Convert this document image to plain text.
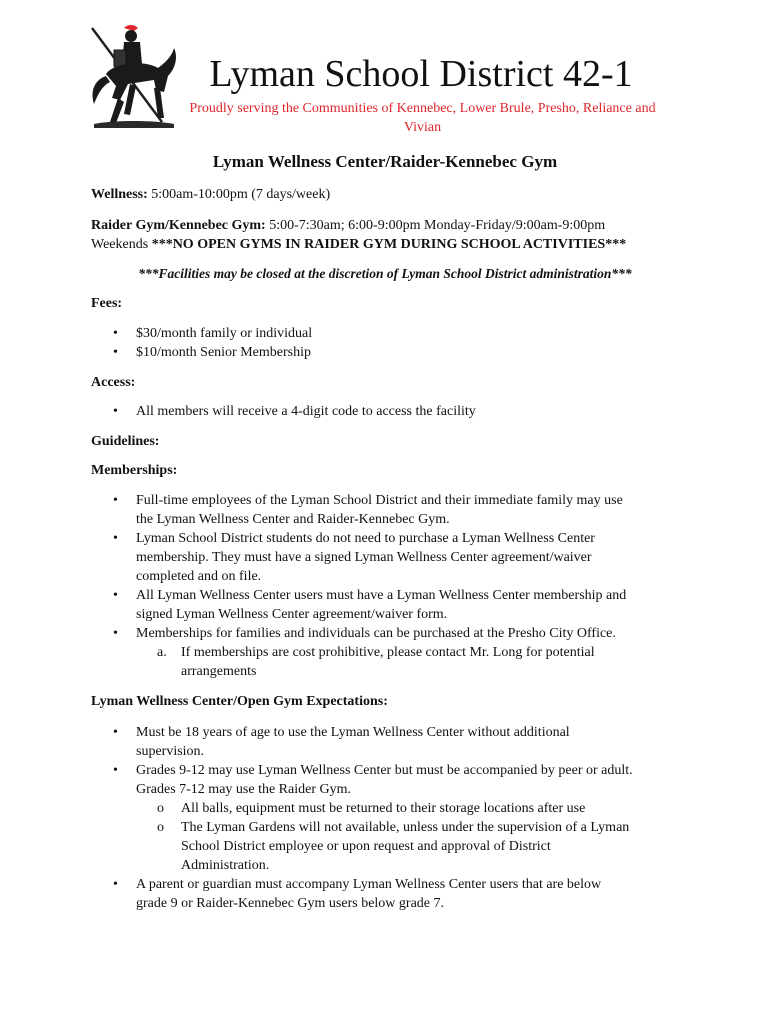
Lyman School District 42-1
Proudly serving the Communities of Kennebec, Lower Brule, Presho, Reliance and
Vivian
Lyman Wellness Center/Raider-Kennebec Gym
Wellness: 5:00am-10:00pm (7 days/week)
Raider Gym/Kennebec Gym: 5:00-7:30am; 6:00-9:00pm Monday-Friday/9:00am-9:00pm
Weekends ***NO OPEN GYMS IN RAIDER GYM DURING SCHOOL ACTIVITIES***
***Facilities may be closed at the discretion of Lyman School District administration***
Fees:
•	$30/month family or individual
•	$10/month Senior Membership
Access:
•	All members will receive a 4-digit code to access the facility
Guidelines:
Memberships:
•	Full-time employees of the Lyman School District and their immediate family may use
the Lyman Wellness Center and Raider-Kennebec Gym.
•	Lyman School District students do not need to purchase a Lyman Wellness Center
membership. They must have a signed Lyman Wellness Center agreement/waiver
completed and on file.
•	All Lyman Wellness Center users must have a Lyman Wellness Center membership and
signed Lyman Wellness Center agreement/waiver form.
•	Memberships for families and individuals can be purchased at the Presho City Office.
a. If memberships are cost prohibitive, please contact Mr. Long for potential
arrangements
Lyman Wellness Center/Open Gym Expectations:
•	Must be 18 years of age to use the Lyman Wellness Center without additional
supervision.
•	Grades 9-12 may use Lyman Wellness Center but must be accompanied by peer or adult.
Grades 7-12 may use the Raider Gym.
o All balls, equipment must be returned to their storage locations after use
o The Lyman Gardens will not available, unless under the supervision of a Lyman
School District employee or upon request and approval of District
Administration.
•	A parent or guardian must accompany Lyman Wellness Center users that are below
grade 9 or Raider-Kennebec Gym users below grade 7.
